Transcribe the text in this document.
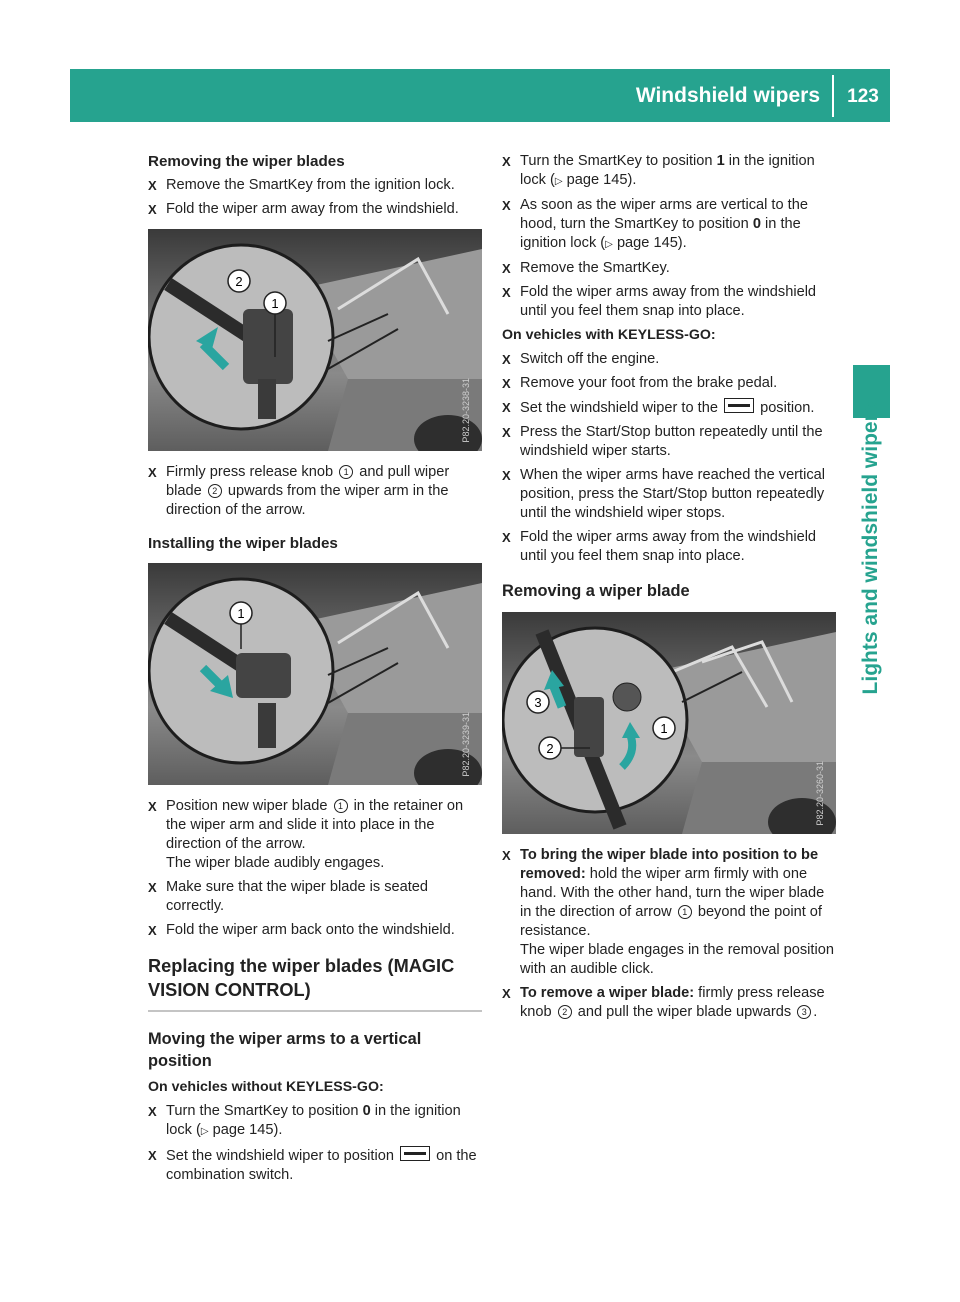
Windshield wipers 123
Lights and windshield wipers
Removing the wiper blades
X Remove the SmartKey from the ignition lock.
X Fold the wiper arm away from the windshield.
2
1
P82.20-3238-31
X Firmly press release knob 1 and pull wiper blade 2 upwards from the wiper arm in the direction of the arrow.
Installing the wiper blades
1
P82.20-3239-31
X Position new wiper blade 1 in the retainer on the wiper arm and slide it into place in the direction of the arrow.
The wiper blade audibly engages.
X Make sure that the wiper blade is seated correctly.
X Fold the wiper arm back onto the windshield.
Replacing the wiper blades (MAGIC VISION CONTROL)
Moving the wiper arms to a vertical position
On vehicles without KEYLESS-GO:
X Turn the SmartKey to position 0 in the ignition lock (▷ page 145).
X Set the windshield wiper to position	on the combination switch.
X Turn the SmartKey to position 1 in the ignition lock (▷ page 145).
X As soon as the wiper arms are vertical to the hood, turn the SmartKey to position 0 in the ignition lock (▷ page 145).
X Remove the SmartKey.
X Fold the wiper arms away from the windshield until you feel them snap into place.
On vehicles with KEYLESS-GO:
X Switch off the engine.
X Remove your foot from the brake pedal.
X Set the windshield wiper to the	position.
X Press the Start/Stop button repeatedly until the windshield wiper starts.
X When the wiper arms have reached the vertical position, press the Start/Stop button repeatedly until the windshield wiper stops.
X Fold the wiper arms away from the windshield until you feel them snap into place.
Removing a wiper blade
3
2
1
P82.20-3260-31
X To bring the wiper blade into position to be removed: hold the wiper arm firmly with one hand. With the other hand, turn the wiper blade in the direction of arrow 1 beyond the point of resistance.
The wiper blade engages in the removal position with an audible click.
X To remove a wiper blade: firmly press release knob 2 and pull the wiper blade upwards 3 .
